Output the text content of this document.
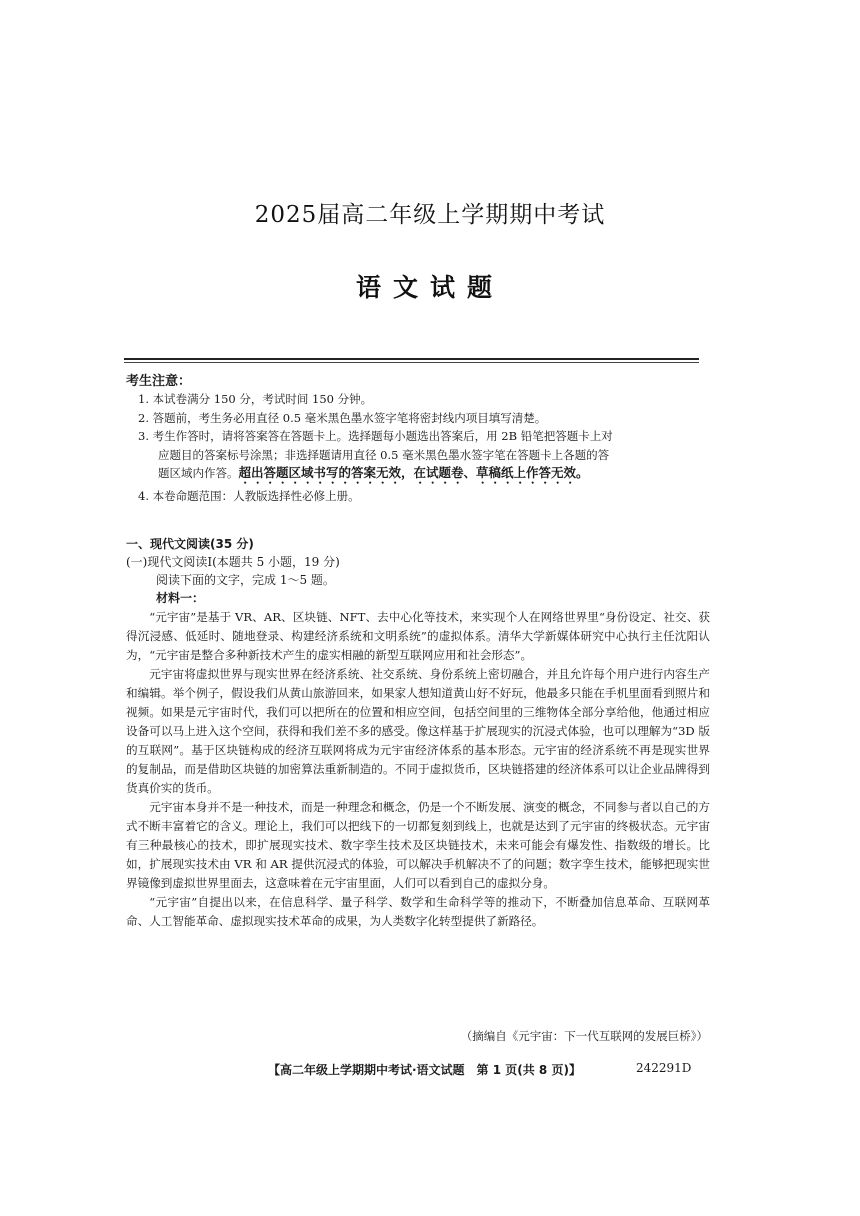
2025届高二年级上学期期中考试
语文试题
考生注意：

1. 本试卷满分 150 分，考试时间 150 分钟。

2. 答题前，考生务必用直径 0.5 毫米黑色墨水签字笔将密封线内项目填写清楚。

3. 考生作答时，请将答案答在答题卡上。选择题每小题选出答案后，用 2B 铅笔把答题卡上对
应题目的答案标号涂黑；非选择题请用直径 0.5 毫米黑色墨水签字笔在答题卡上各题的答
题区域内作答。超出答题区域书写的答案无效，在试题卷、草稿纸上作答无效。

4. 本卷命题范围：人教版选择性必修上册。

一、现代文阅读(35 分)
(一)现代文阅读Ⅰ(本题共 5 小题，19 分)
阅读下面的文字，完成 1～5 题。
材料一：

“元宇宙”是基于 VR、AR、区块链、NFT、去中心化等技术，来实现个人在网络世界里“身份设定、社交、获得沉浸感、低延时、随地登录、构建经济系统和文明系统”的虚拟体系。清华大学新媒体研究中心执行主任沈阳认为，“元宇宙是整合多种新技术产生的虚实相融的新型互联网应用和社会形态”。

元宇宙将虚拟世界与现实世界在经济系统、社交系统、身份系统上密切融合，并且允许每个用户进行内容生产和编辑。举个例子，假设我们从黄山旅游回来，如果家人想知道黄山好不好玩，他最多只能在手机里面看到照片和视频。如果是元宇宙时代，我们可以把所在的位置和相应空间，包括空间里的三维物体全部分享给他，他通过相应设备可以马上进入这个空间，获得和我们差不多的感受。像这样基于扩展现实的沉浸式体验，也可以理解为“3D 版的互联网”。基于区块链构成的经济互联网将成为元宇宙经济体系的基本形态。元宇宙的经济系统不再是现实世界的复制品，而是借助区块链的加密算法重新制造的。不同于虚拟货币，区块链搭建的经济体系可以让企业品牌得到货真价实的货币。

元宇宙本身并不是一种技术，而是一种理念和概念，仍是一个不断发展、演变的概念，不同参与者以自己的方式不断丰富着它的含义。理论上，我们可以把线下的一切都复刻到线上，也就是达到了元宇宙的终极状态。元宇宙有三种最核心的技术，即扩展现实技术、数字孪生技术及区块链技术，未来可能会有爆发性、指数级的增长。比如，扩展现实技术由 VR 和 AR 提供沉浸式的体验，可以解决手机解决不了的问题；数字孪生技术，能够把现实世界镜像到虚拟世界里面去，这意味着在元宇宙里面，人们可以看到自己的虚拟分身。

“元宇宙”自提出以来，在信息科学、量子科学、数学和生命科学等的推动下，不断叠加信息革命、互联网革命、人工智能革命、虚拟现实技术革命的成果，为人类数字化转型提供了新路径。

（摘编自《元宇宙：下一代互联网的发展巨桥》）
【高二年级上学期期中考试·语文试题　第 1 页(共 8 页)】	242291D
